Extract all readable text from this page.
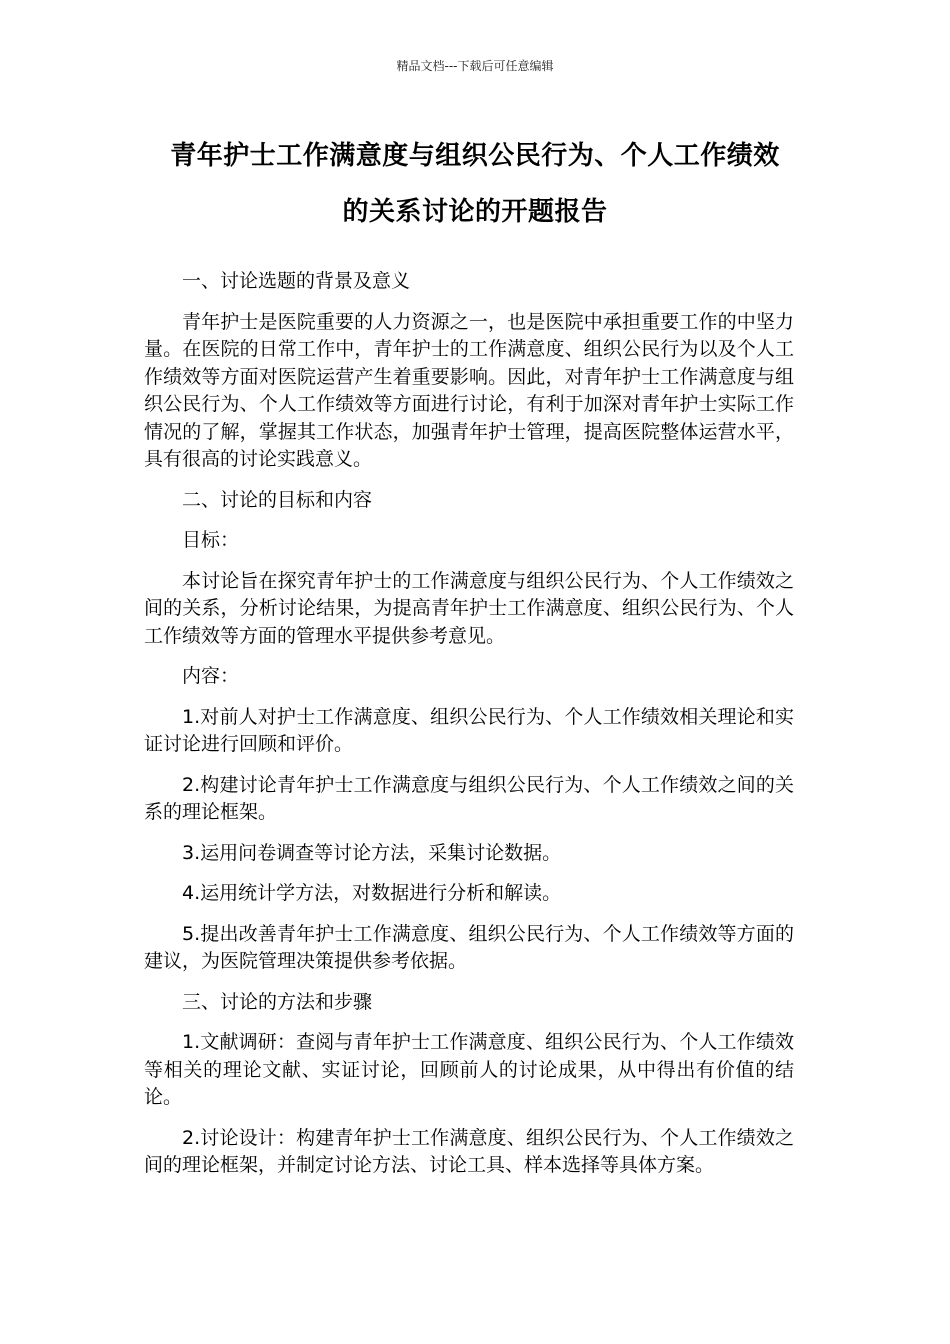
精品文档---下载后可任意编辑
青年护士工作满意度与组织公民行为、个人工作绩效
的关系讨论的开题报告

一、讨论选题的背景及意义

青年护士是医院重要的人力资源之一，也是医院中承担重要工作的中坚力量。在医院的日常工作中，青年护士的工作满意度、组织公民行为以及个人工作绩效等方面对医院运营产生着重要影响。因此，对青年护士工作满意度与组织公民行为、个人工作绩效等方面进行讨论，有利于加深对青年护士实际工作情况的了解，掌握其工作状态，加强青年护士管理，提高医院整体运营水平，具有很高的讨论实践意义。

二、讨论的目标和内容

目标：

本讨论旨在探究青年护士的工作满意度与组织公民行为、个人工作绩效之间的关系，分析讨论结果，为提高青年护士工作满意度、组织公民行为、个人工作绩效等方面的管理水平提供参考意见。

内容：

1.对前人对护士工作满意度、组织公民行为、个人工作绩效相关理论和实证讨论进行回顾和评价。

2.构建讨论青年护士工作满意度与组织公民行为、个人工作绩效之间的关系的理论框架。

3.运用问卷调查等讨论方法，采集讨论数据。

4.运用统计学方法，对数据进行分析和解读。

5.提出改善青年护士工作满意度、组织公民行为、个人工作绩效等方面的建议，为医院管理决策提供参考依据。

三、讨论的方法和步骤

1.文献调研：查阅与青年护士工作满意度、组织公民行为、个人工作绩效等相关的理论文献、实证讨论，回顾前人的讨论成果，从中得出有价值的结论。

2.讨论设计：构建青年护士工作满意度、组织公民行为、个人工作绩效之间的理论框架，并制定讨论方法、讨论工具、样本选择等具体方案。
